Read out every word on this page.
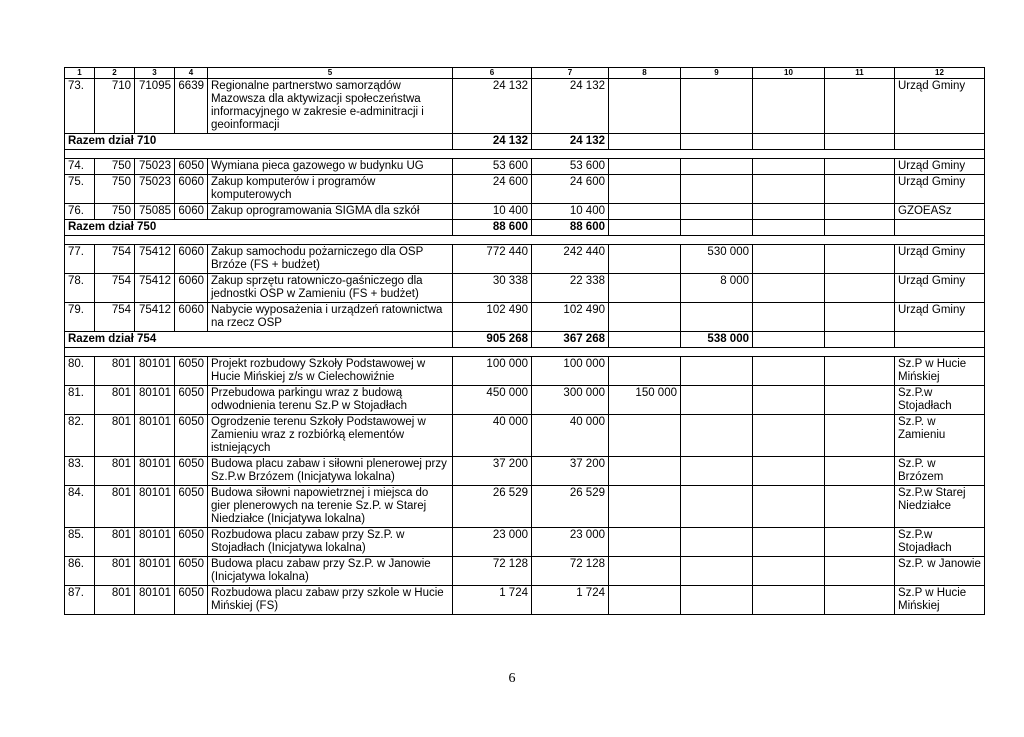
1	2	3	4	5	6	7	8	9	10	11	12
73.	710	71095	6639	Regionalne partnerstwo samorządów Mazowsza dla aktywizacji społeczeństwa informacyjnego w zakresie e-adminitracji i geoinformacji	24 132	24 132					Urząd Gminy
Razem dział 710					24 132	24 132					

74.	750	75023	6050	Wymiana pieca gazowego w budynku UG	53 600	53 600					Urząd Gminy
75.	750	75023	6060	Zakup komputerów i programów komputerowych	24 600	24 600					Urząd Gminy
76.	750	75085	6060	Zakup oprogramowania SIGMA dla szkół	10 400	10 400					GZOEASz
Razem dział 750					88 600	88 600					

77.	754	75412	6060	Zakup samochodu pożarniczego dla OSP Brzóze (FS + budżet)	772 440	242 440		530 000			Urząd Gminy
78.	754	75412	6060	Zakup sprzętu ratowniczo-gaśniczego dla jednostki OSP w Zamieniu (FS + budżet)	30 338	22 338		8 000			Urząd Gminy
79.	754	75412	6060	Nabycie wyposażenia i urządzeń ratownictwa na rzecz OSP	102 490	102 490					Urząd Gminy
Razem dział 754					905 268	367 268		538 000			

80.	801	80101	6050	Projekt rozbudowy Szkoły Podstawowej w Hucie Mińskiej z/s w Cielechowiźnie	100 000	100 000					Sz.P w Hucie Mińskiej
81.	801	80101	6050	Przebudowa parkingu wraz z budową odwodnienia terenu Sz.P w Stojadłach	450 000	300 000	150 000				Sz.P.w Stojadłach
82.	801	80101	6050	Ogrodzenie terenu Szkoły Podstawowej w Zamieniu wraz z rozbiórką elementów istniejących	40 000	40 000					Sz.P. w Zamieniu
83.	801	80101	6050	Budowa placu zabaw i siłowni plenerowej przy Sz.P.w Brzózem (Inicjatywa lokalna)	37 200	37 200					Sz.P. w Brzózem
84.	801	80101	6050	Budowa siłowni napowietrznej i miejsca do gier plenerowych na terenie Sz.P. w Starej Niedziałce (Inicjatywa lokalna)	26 529	26 529					Sz.P.w Starej Niedziałce
85.	801	80101	6050	Rozbudowa placu zabaw przy Sz.P. w Stojadłach (Inicjatywa lokalna)	23 000	23 000					Sz.P.w Stojadłach
86.	801	80101	6050	Budowa placu zabaw przy Sz.P. w Janowie (Inicjatywa lokalna)	72 128	72 128					Sz.P. w Janowie
87.	801	80101	6050	Rozbudowa placu zabaw przy szkole w Hucie Mińskiej (FS)	1 724	1 724					Sz.P w Hucie Mińskiej
6
